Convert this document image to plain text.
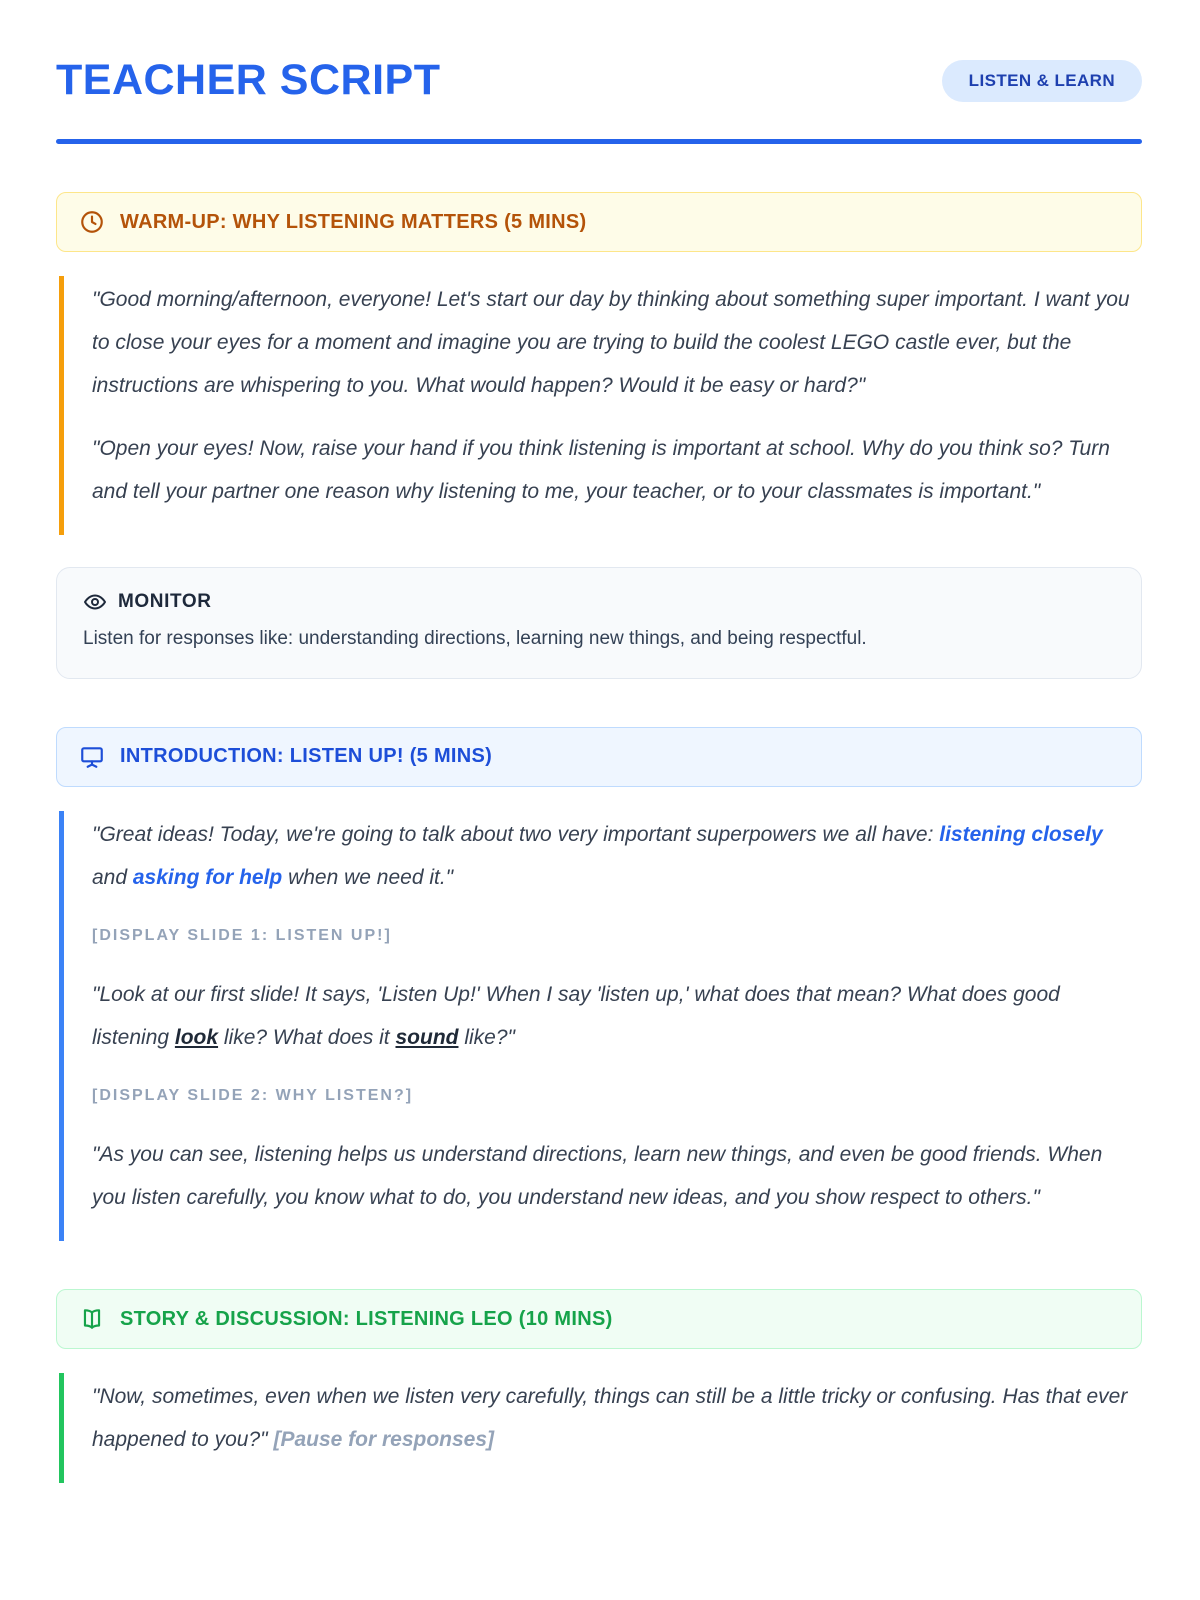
TEACHER SCRIPT	LISTEN & LEARN
WARM-UP: WHY LISTENING MATTERS (5 MINS)

"Good morning/afternoon, everyone! Let's start our day by thinking about something super important. I want you to close your eyes for a moment and imagine you are trying to build the coolest LEGO castle ever, but the instructions are whispering to you. What would happen? Would it be easy or hard?"

"Open your eyes! Now, raise your hand if you think listening is important at school. Why do you think so? Turn and tell your partner one reason why listening to me, your teacher, or to your classmates is important."

MONITOR

Listen for responses like: understanding directions, learning new things, and being respectful.

INTRODUCTION: LISTEN UP! (5 MINS)

"Great ideas! Today, we're going to talk about two very important superpowers we all have: listening closely and asking for help when we need it."

[DISPLAY SLIDE 1: LISTEN UP!]

"Look at our first slide! It says, 'Listen Up!' When I say 'listen up,' what does that mean? What does good listening look like? What does it sound like?"

[DISPLAY SLIDE 2: WHY LISTEN?]

"As you can see, listening helps us understand directions, learn new things, and even be good friends. When you listen carefully, you know what to do, you understand new ideas, and you show respect to others."

STORY & DISCUSSION: LISTENING LEO (10 MINS)

"Now, sometimes, even when we listen very carefully, things can still be a little tricky or confusing. Has that ever happened to you?" [Pause for responses]
